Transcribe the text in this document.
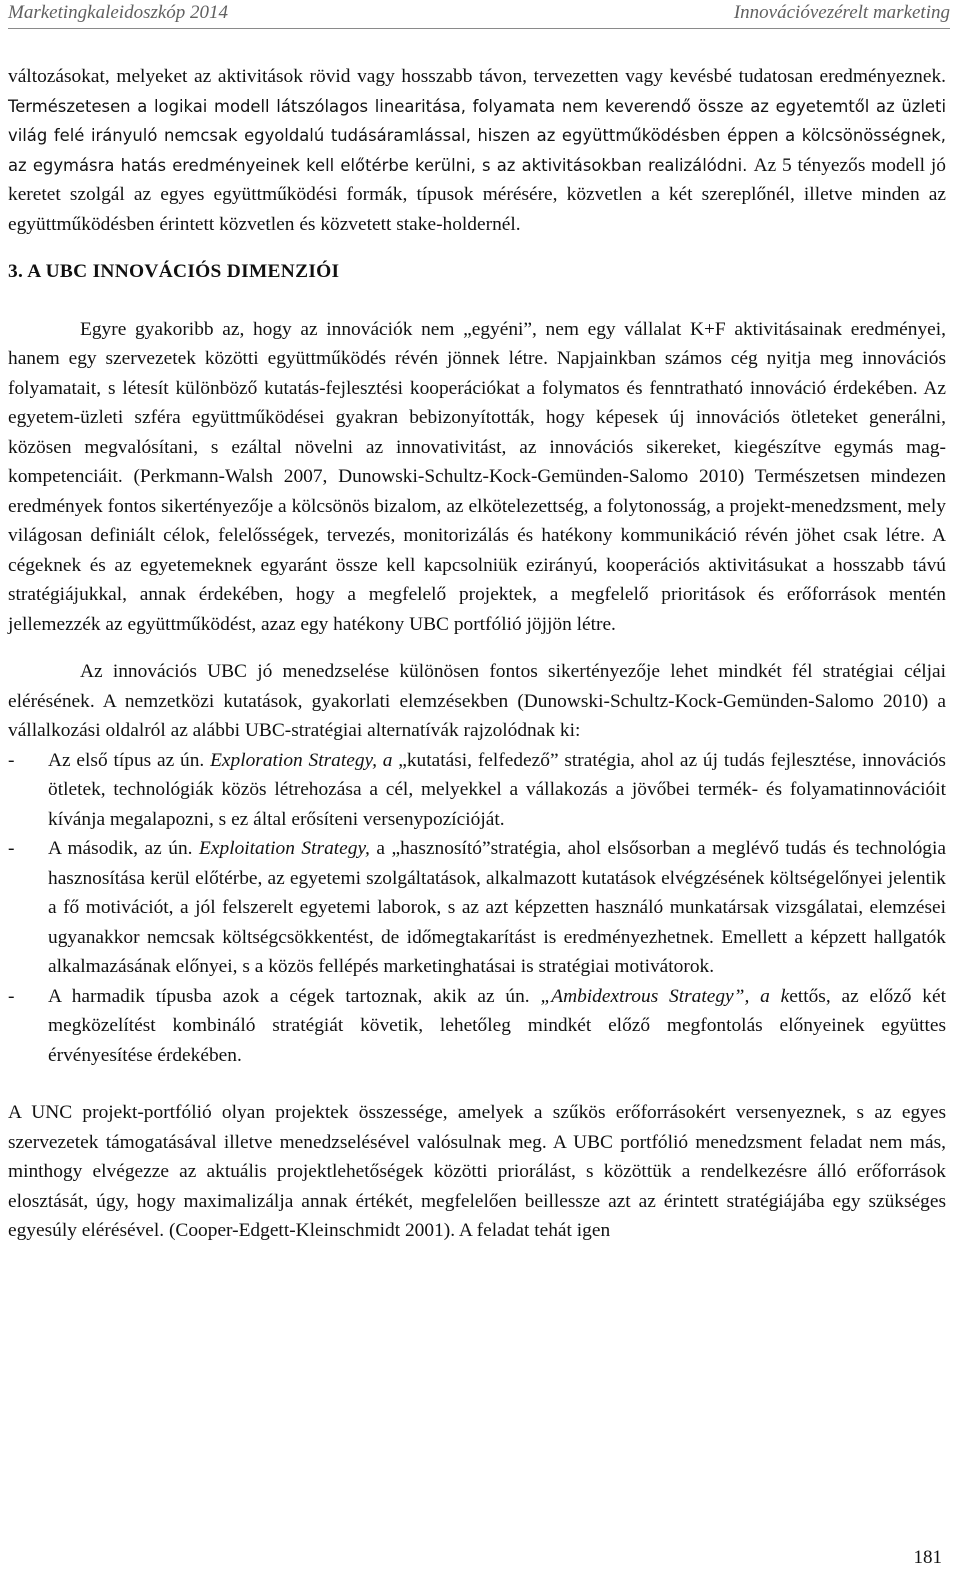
Marketingkaleidoszkóp 2014	Innovációvezérelt marketing

változásokat, melyeket az aktivitások rövid vagy hosszabb távon, tervezetten vagy kevésbé tudatosan eredményeznek. Természetesen a logikai modell látszólagos linearitása, folyamata nem keverendő össze az egyetemtől az üzleti világ felé irányuló nemcsak egyoldalú tudásáramlással, hiszen az együttműködésben éppen a kölcsönösségnek, az egymásra hatás eredményeinek kell előtérbe kerülni, s az aktivitásokban realizálódni. Az 5 tényezős modell jó keretet szolgál az egyes együttműködési formák, típusok mérésére, közvetlen a két szereplőnél, illetve minden az együttműködésben érintett közvetlen és közvetett stake-holdernél.

3. A UBC INNOVÁCIÓS DIMENZIÓI

Egyre gyakoribb az, hogy az innovációk nem „egyéni”, nem egy vállalat K+F aktivitásainak eredményei, hanem egy szervezetek közötti együttműködés révén jönnek létre. Napjainkban számos cég nyitja meg innovációs folyamatait, s létesít különböző kutatás-fejlesztési kooperációkat a folymatos és fenntratható innováció érdekében. Az egyetem-üzleti szféra együttműködései gyakran bebizonyították, hogy képesek új innovációs ötleteket generálni, közösen megvalósítani, s ezáltal növelni az innovativitást, az innovációs sikereket, kiegészítve egymás mag-kompetenciáit. (Perkmann-Walsh 2007, Dunowski-Schultz-Kock-Gemünden-Salomo 2010) Természetsen mindezen eredmények fontos sikertényezője a kölcsönös bizalom, az elkötelezettség, a folytonosság, a projekt-menedzsment, mely világosan definiált célok, felelősségek, tervezés, monitorizálás és hatékony kommunikáció révén jöhet csak létre. A cégeknek és az egyetemeknek egyaránt össze kell kapcsolniük ezirányú, kooperációs aktivitásukat a hosszabb távú stratégiájukkal, annak érdekében, hogy a megfelelő projektek, a megfelelő prioritások és erőforrások mentén jellemezzék az együttműködést, azaz egy hatékony UBC portfólió jöjjön létre.

Az innovációs UBC jó menedzselése különösen fontos sikertényezője lehet mindkét fél stratégiai céljai elérésének. A nemzetközi kutatások, gyakorlati elemzésekben (Dunowski-Schultz-Kock-Gemünden-Salomo 2010) a vállalkozási oldalról az alábbi UBC-stratégiai alternatívák rajzolódnak ki:

- Az első típus az ún. Exploration Strategy, a „kutatási, felfedező” stratégia, ahol az új tudás fejlesztése, innovációs ötletek, technológiák közös létrehozása a cél, melyekkel a vállakozás a jövőbei termék- és folyamatinnovációit kívánja megalapozni, s ez által erősíteni versenypozícióját.
- A második, az ún. Exploitation Strategy, a „hasznosító”stratégia, ahol elsősorban a meglévő tudás és technológia hasznosítása kerül előtérbe, az egyetemi szolgáltatások, alkalmazott kutatások elvégzésének költségelőnyei jelentik a fő motivációt, a jól felszerelt egyetemi laborok, s az azt képzetten használó munkatársak vizsgálatai, elemzései ugyanakkor nemcsak költségcsökkentést, de időmegtakarítást is eredményezhetnek. Emellett a képzett hallgatók alkalmazásának előnyei, s a közös fellépés marketinghatásai is stratégiai motivátorok.
- A harmadik típusba azok a cégek tartoznak, akik az ún. „Ambidextrous Strategy”, a kettős, az előző két megközelítést kombináló stratégiát követik, lehetőleg mindkét előző megfontolás előnyeinek együttes érvényesítése érdekében.

A UNC projekt-portfólió olyan projektek összessége, amelyek a szűkös erőforrásokért versenyeznek, s az egyes szervezetek támogatásával illetve menedzselésével valósulnak meg. A UBC portfólió menedzsment feladat nem más, minthogy elvégezze az aktuális projektlehetőségek közötti priorálást, s közöttük a rendelkezésre álló erőforrások elosztását, úgy, hogy maximalizálja annak értékét, megfelelően beillessze azt az érintett stratégiájába egy szükséges egyesúly elérésével. (Cooper-Edgett-Kleinschmidt 2001). A feladat tehát igen

181
